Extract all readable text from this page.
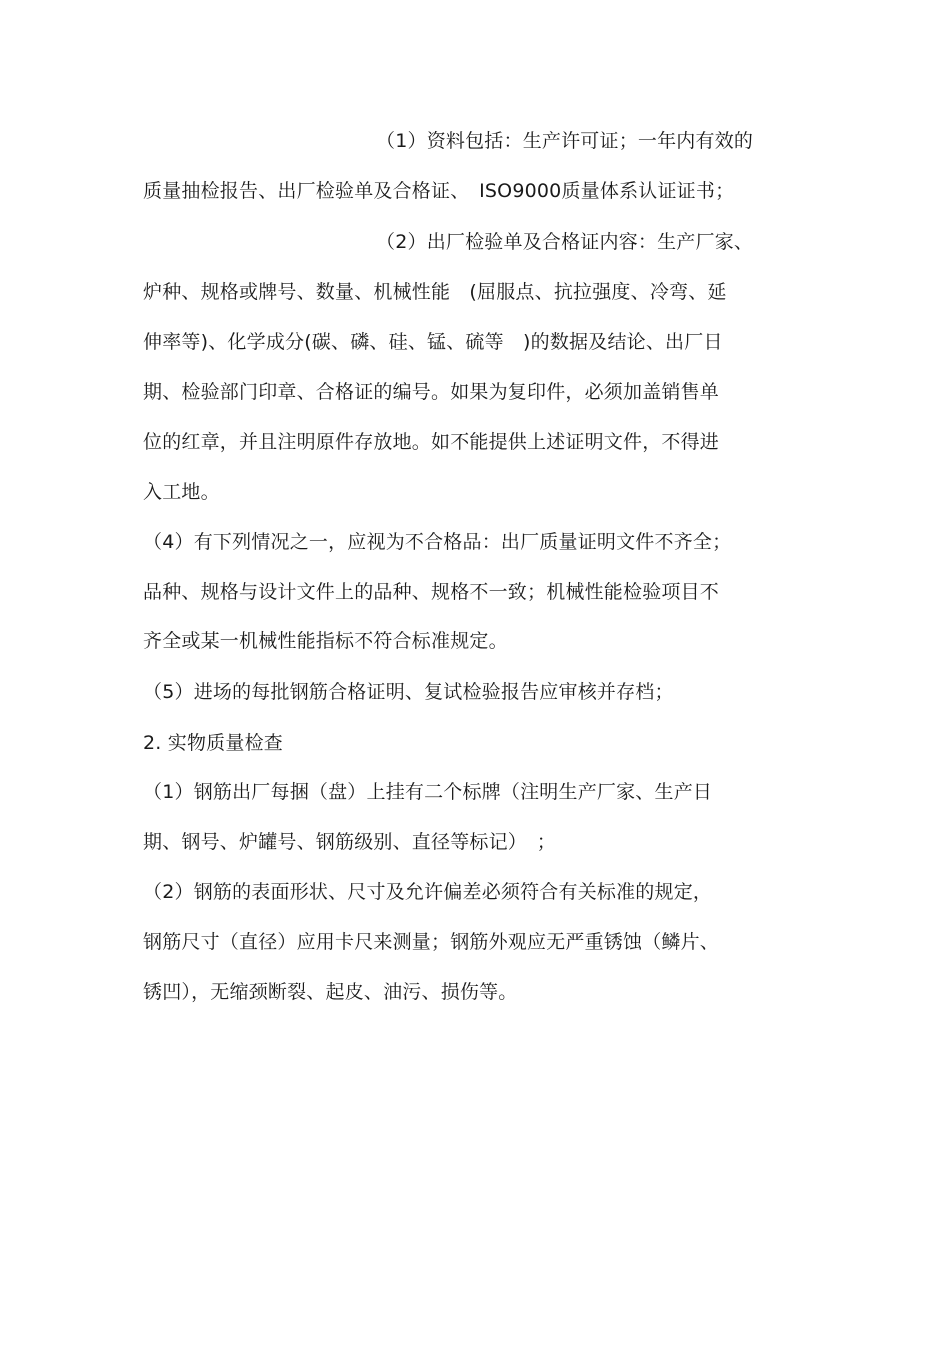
（1）资料包括：生产许可证；一年内有效的
质量抽检报告、出厂检验单及合格证、　ISO9000质量体系认证证书；
（2）出厂检验单及合格证内容：生产厂家、
炉种、规格或牌号、数量、机械性能　(屈服点、抗拉强度、冷弯、延
伸率等)、化学成分(碳、磷、硅、锰、硫等　)的数据及结论、出厂日
期、检验部门印章、合格证的编号。如果为复印件，必须加盖销售单
位的红章，并且注明原件存放地。如不能提供上述证明文件，不得进
入工地。
（4）有下列情况之一，应视为不合格品：出厂质量证明文件不齐全；
品种、规格与设计文件上的品种、规格不一致；机械性能检验项目不
齐全或某一机械性能指标不符合标准规定。
（5）进场的每批钢筋合格证明、复试检验报告应审核并存档；
2. 实物质量检查
（1）钢筋出厂每捆（盘）上挂有二个标牌（注明生产厂家、生产日
期、钢号、炉罐号、钢筋级别、直径等标记）　；
（2）钢筋的表面形状、尺寸及允许偏差必须符合有关标准的规定，
钢筋尺寸（直径）应用卡尺来测量；钢筋外观应无严重锈蚀（鳞片、
锈凹），无缩颈断裂、起皮、油污、损伤等。
